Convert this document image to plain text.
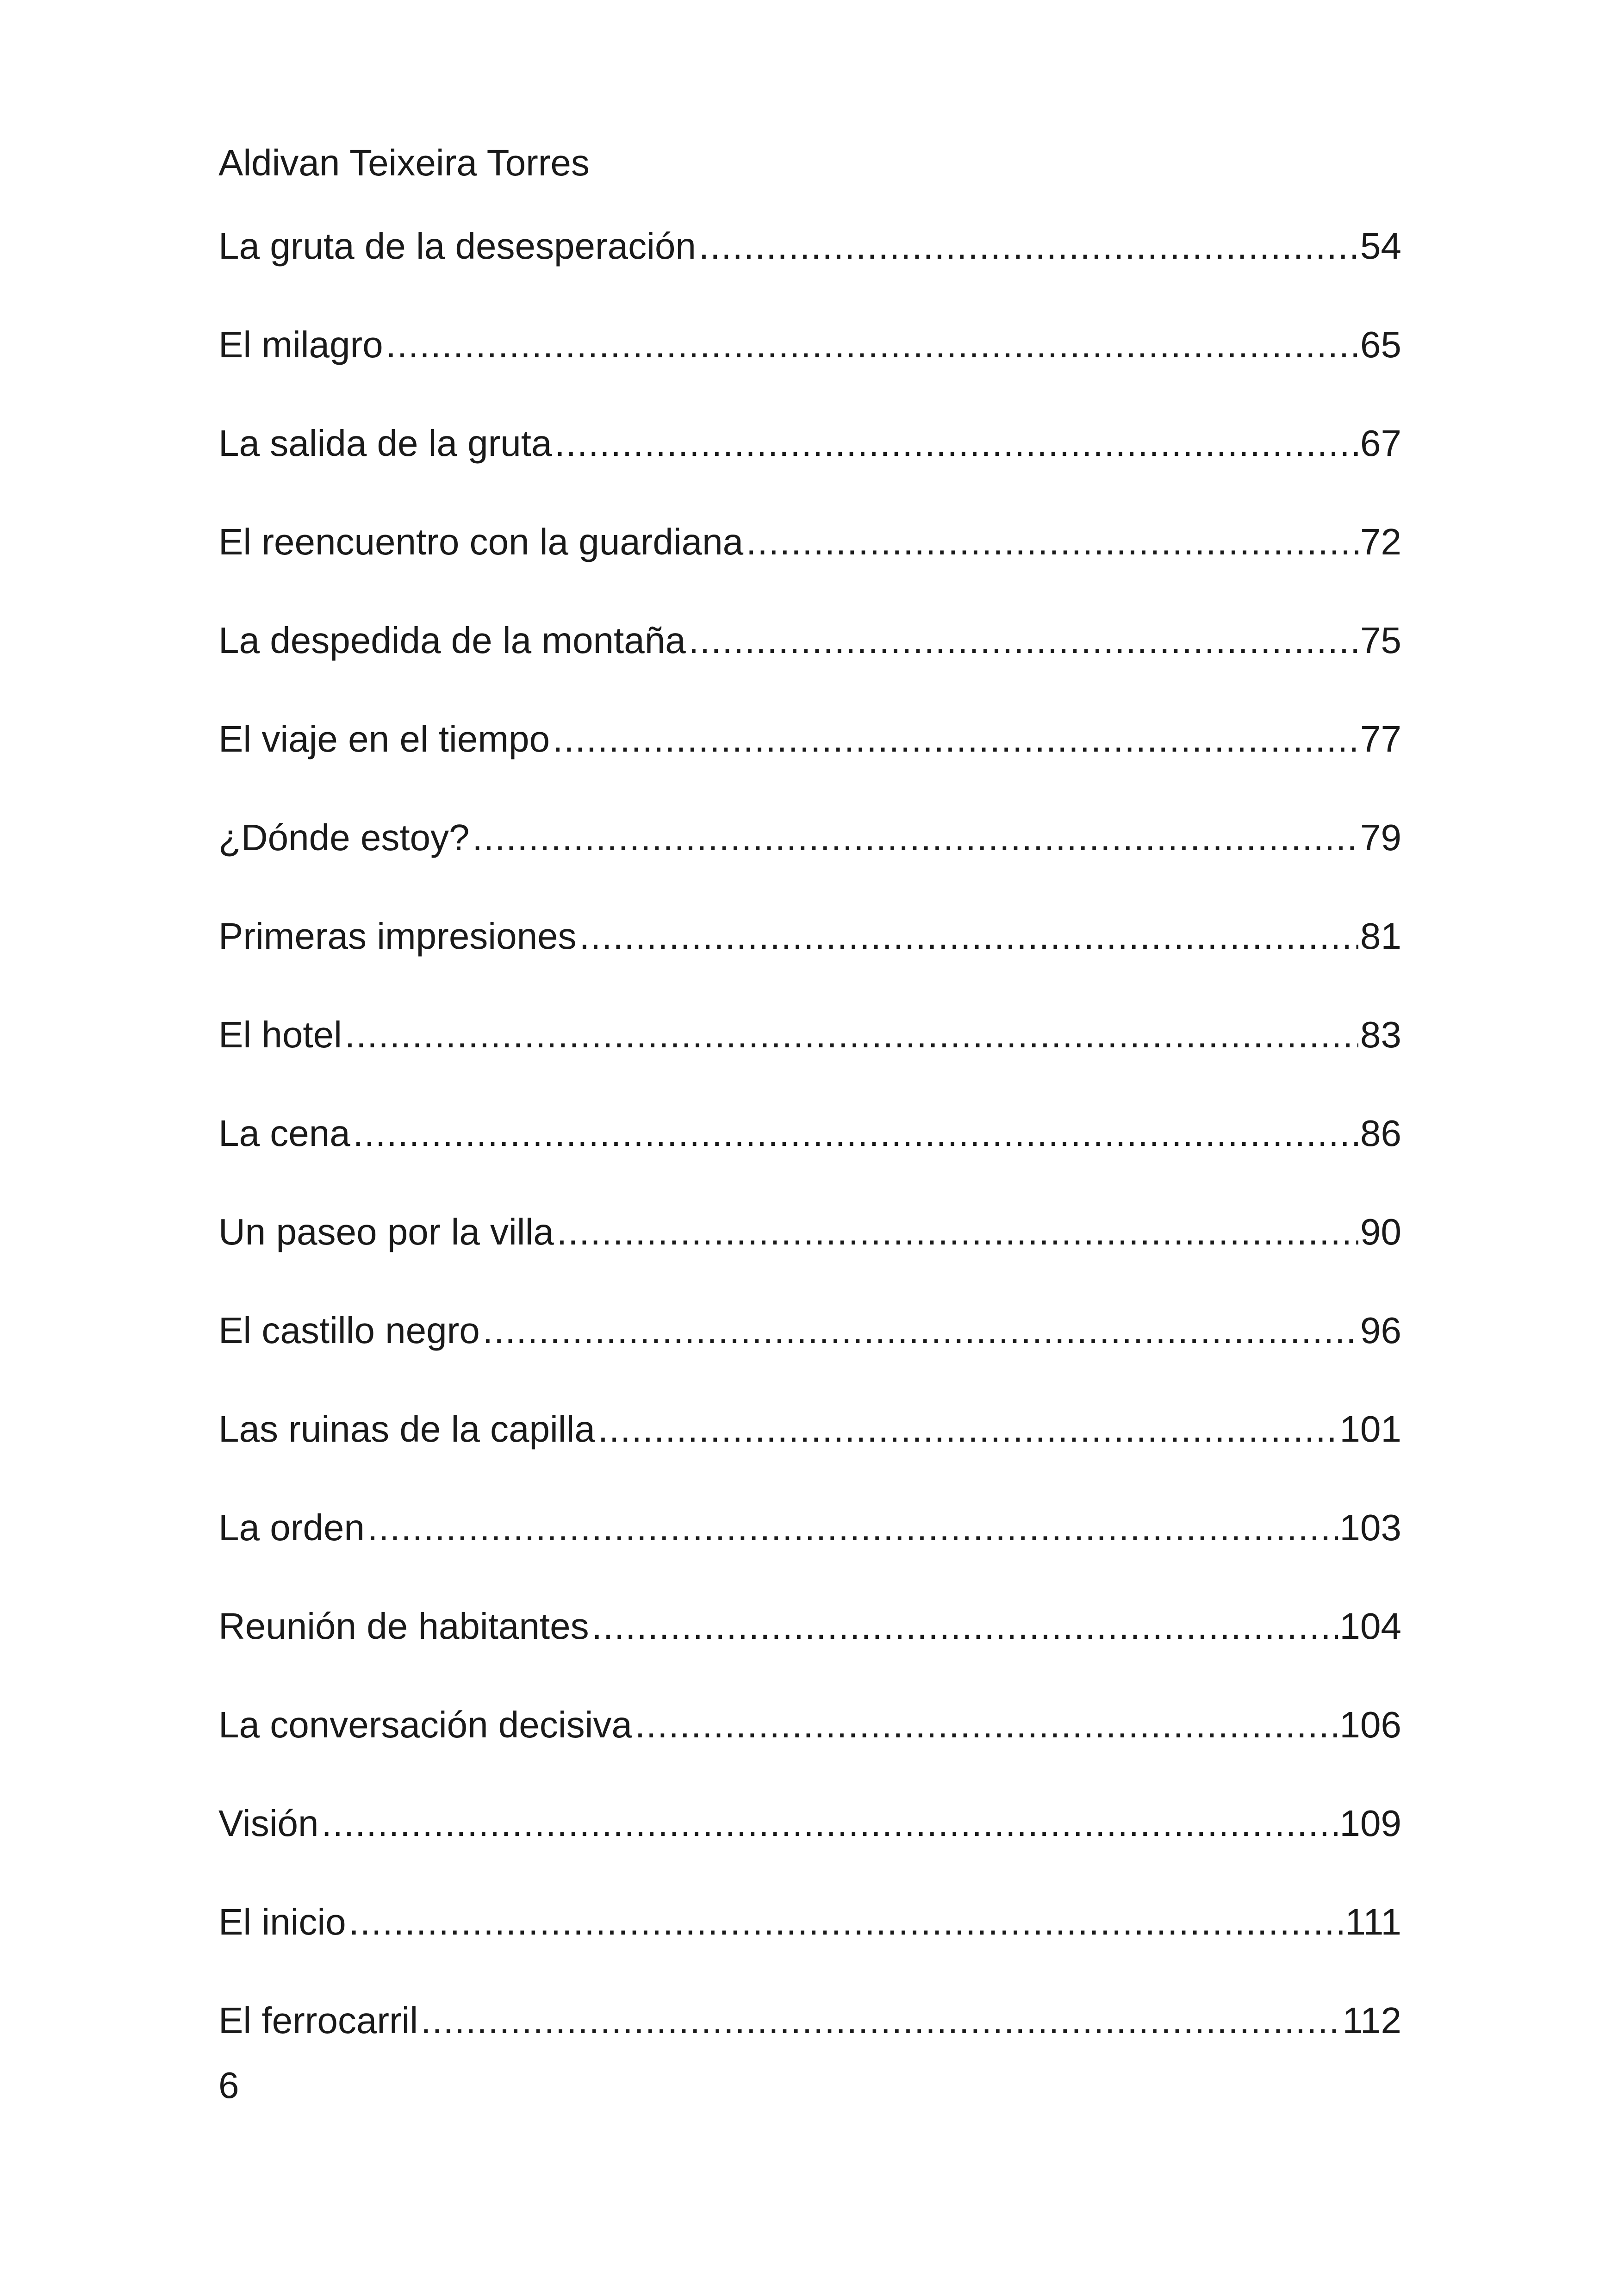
Aldivan Teixeira Torres
La gruta de la desesperación .....	54
El milagro .....	65
La salida de la gruta .....	67
El reencuentro con la guardiana .....	72
La despedida de la montaña .....	75
El viaje en el tiempo .....	77
¿Dónde estoy? .....	79
Primeras impresiones .....	81
El hotel .....	83
La cena .....	86
Un paseo por la villa .....	90
El castillo negro .....	96
Las ruinas de la capilla .....	101
La orden .....	103
Reunión de habitantes .....	104
La conversación decisiva .....	106
Visión .....	109
El inicio .....	111
El ferrocarril .....	112
6
